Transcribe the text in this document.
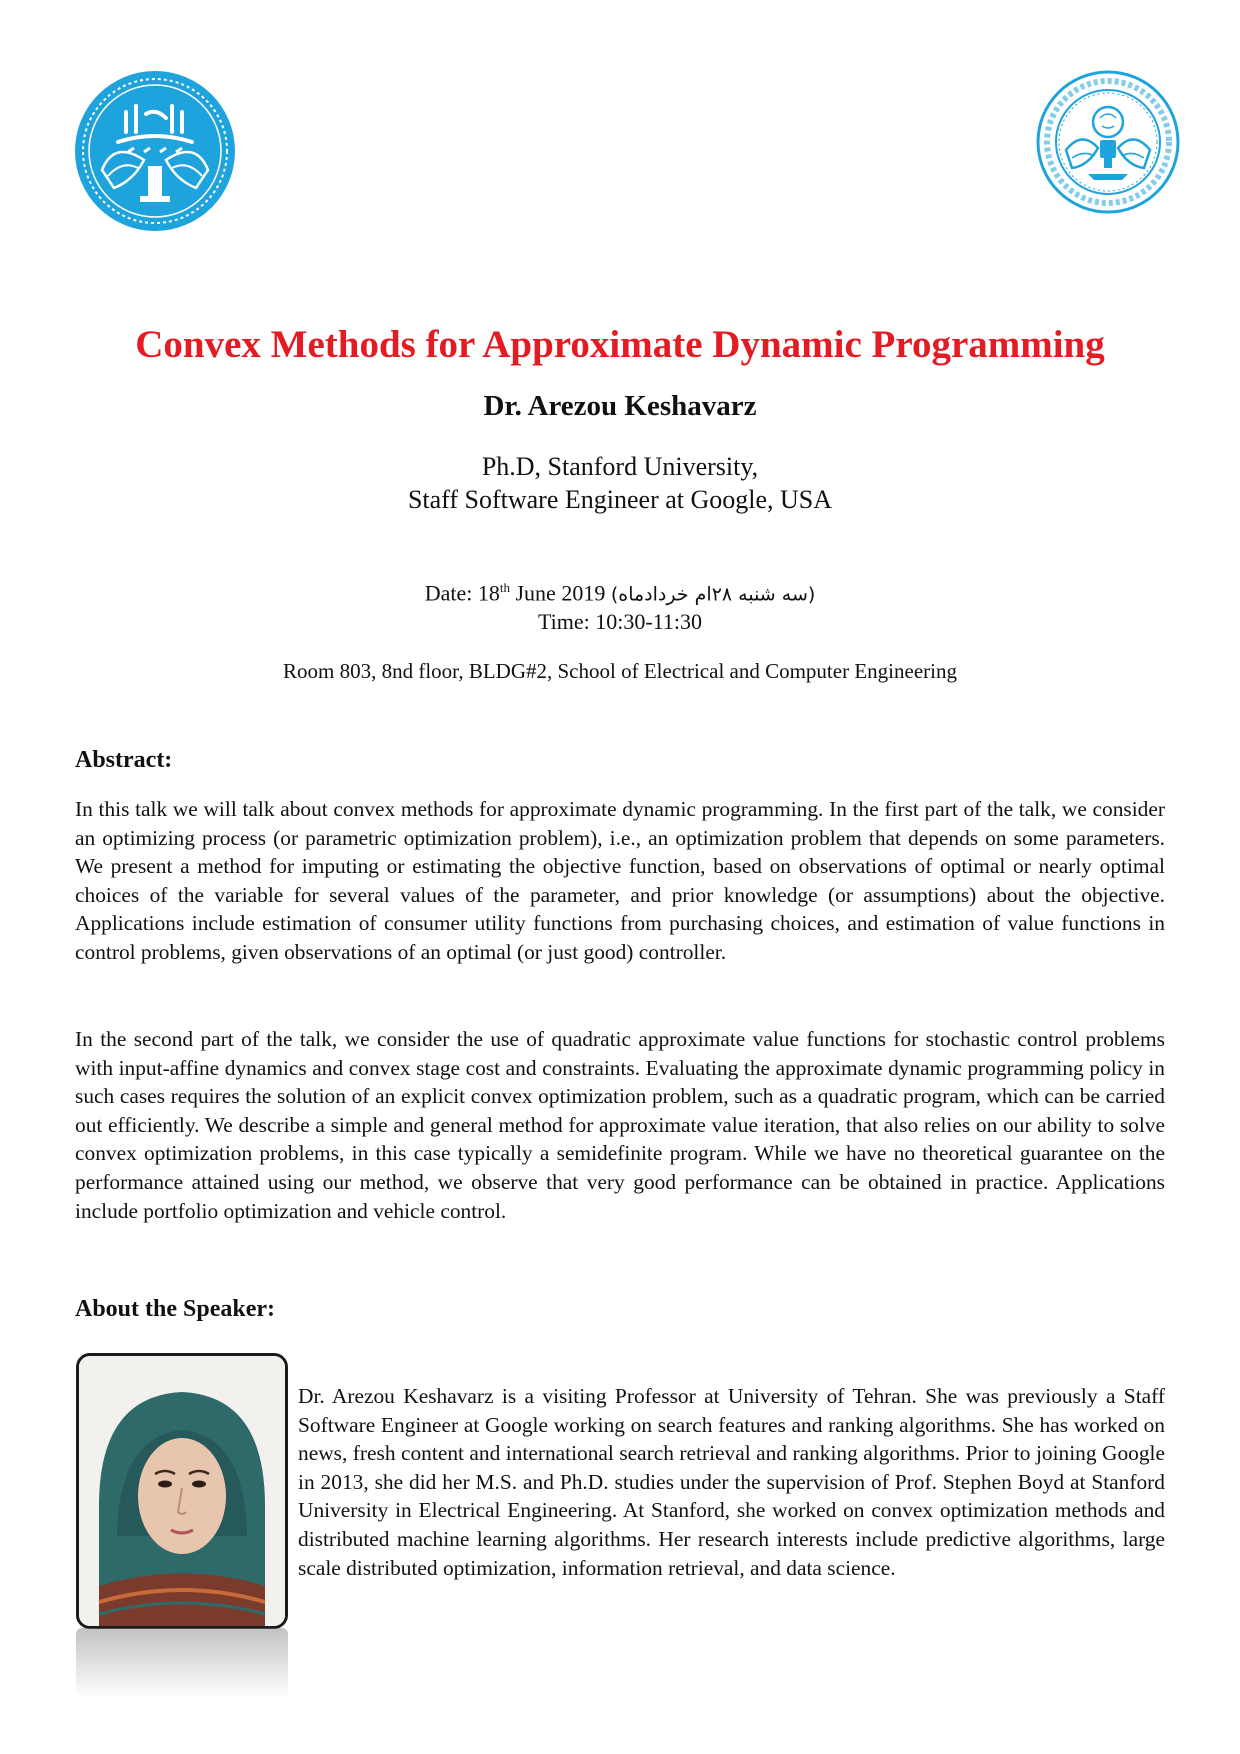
Convex Methods for Approximate Dynamic Programming
Dr. Arezou Keshavarz
Ph.D, Stanford University,
Staff Software Engineer at Google, USA
Date: 18th June 2019 (سه شنبه ۲۸ام خردادماه)
Time: 10:30-11:30
Room 803, 8nd floor, BLDG#2, School of Electrical and Computer Engineering
Abstract:

In this talk we will talk about convex methods for approximate dynamic programming. In the first part of the talk, we consider an optimizing process (or parametric optimization problem), i.e., an optimization problem that depends on some parameters. We present a method for imputing or estimating the objective function, based on observations of optimal or nearly optimal choices of the variable for several values of the parameter, and prior knowledge (or assumptions) about the objective. Applications include estimation of consumer utility functions from purchasing choices, and estimation of value functions in control problems, given observations of an optimal (or just good) controller.

In the second part of the talk, we consider the use of quadratic approximate value functions for stochastic control problems with input-affine dynamics and convex stage cost and constraints. Evaluating the approximate dynamic programming policy in such cases requires the solution of an explicit convex optimization problem, such as a quadratic program, which can be carried out efficiently. We describe a simple and general method for approximate value iteration, that also relies on our ability to solve convex optimization problems, in this case typically a semidefinite program. While we have no theoretical guarantee on the performance attained using our method, we observe that very good performance can be obtained in practice. Applications include portfolio optimization and vehicle control.

About the Speaker:

Dr. Arezou Keshavarz is a visiting Professor at University of Tehran. She was previously a Staff Software Engineer at Google working on search features and ranking algorithms. She has worked on news, fresh content and international search retrieval and ranking algorithms. Prior to joining Google in 2013, she did her M.S. and Ph.D. studies under the supervision of Prof. Stephen Boyd at Stanford University in Electrical Engineering. At Stanford, she worked on convex optimization methods and distributed machine learning algorithms. Her research interests include predictive algorithms, large scale distributed optimization, information retrieval, and data science.
